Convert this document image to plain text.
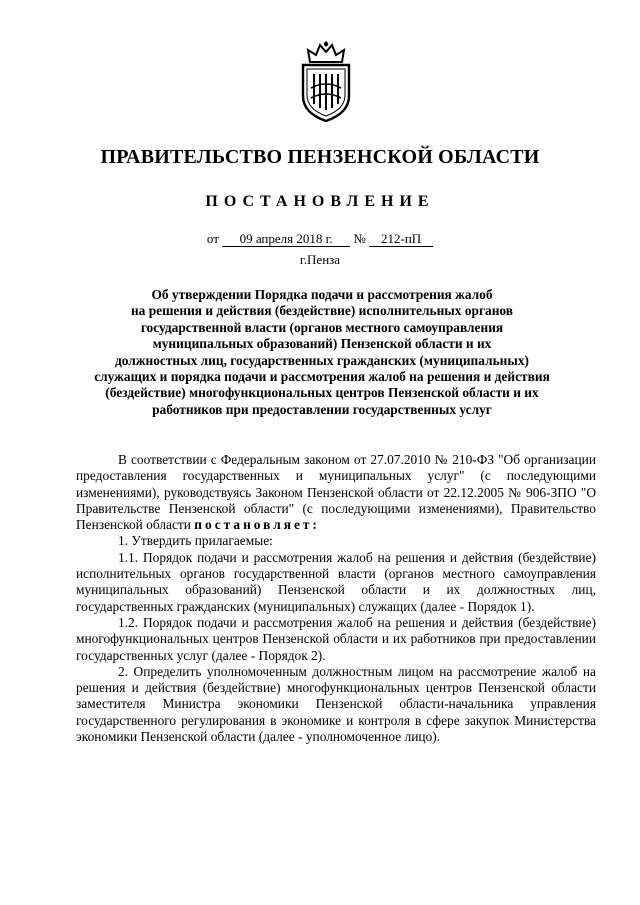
ПРАВИТЕЛЬСТВО ПЕНЗЕНСКОЙ ОБЛАСТИ
ПОСТАНОВЛЕНИЕ
от 09 апреля 2018 г. № 212-пП
г.Пенза
Об утверждении Порядка подачи и рассмотрения жалоб
на решения и действия (бездействие) исполнительных органов
государственной власти (органов местного самоуправления
муниципальных образований) Пензенской области и их
должностных лиц, государственных гражданских (муниципальных)
служащих и порядка подачи и рассмотрения жалоб на решения и действия
(бездействие) многофункциональных центров Пензенской области и их
работников при предоставлении государственных услуг

В соответствии с Федеральным законом от 27.07.2010 № 210-ФЗ "Об организации предоставления государственных и муниципальных услуг" (с последующими изменениями), руководствуясь Законом Пензенской области от 22.12.2005 № 906-ЗПО "О Правительстве Пензенской области" (с последующими изменениями), Правительство Пензенской области постановляет:

1. Утвердить прилагаемые:

1.1. Порядок подачи и рассмотрения жалоб на решения и действия (бездействие) исполнительных органов государственной власти (органов местного самоуправления муниципальных образований) Пензенской области и их должностных лиц, государственных гражданских (муниципальных) служащих (далее - Порядок 1).

1.2. Порядок подачи и рассмотрения жалоб на решения и действия (бездействие) многофункциональных центров Пензенской области и их работников при предоставлении государственных услуг (далее - Порядок 2).

2. Определить уполномоченным должностным лицом на рассмотрение жалоб на решения и действия (бездействие) многофункциональных центров Пензенской области заместителя Министра экономики Пензенской области-начальника управления государственного регулирования в экономике и контроля в сфере закупок Министерства экономики Пензенской области (далее - уполномоченное лицо).
